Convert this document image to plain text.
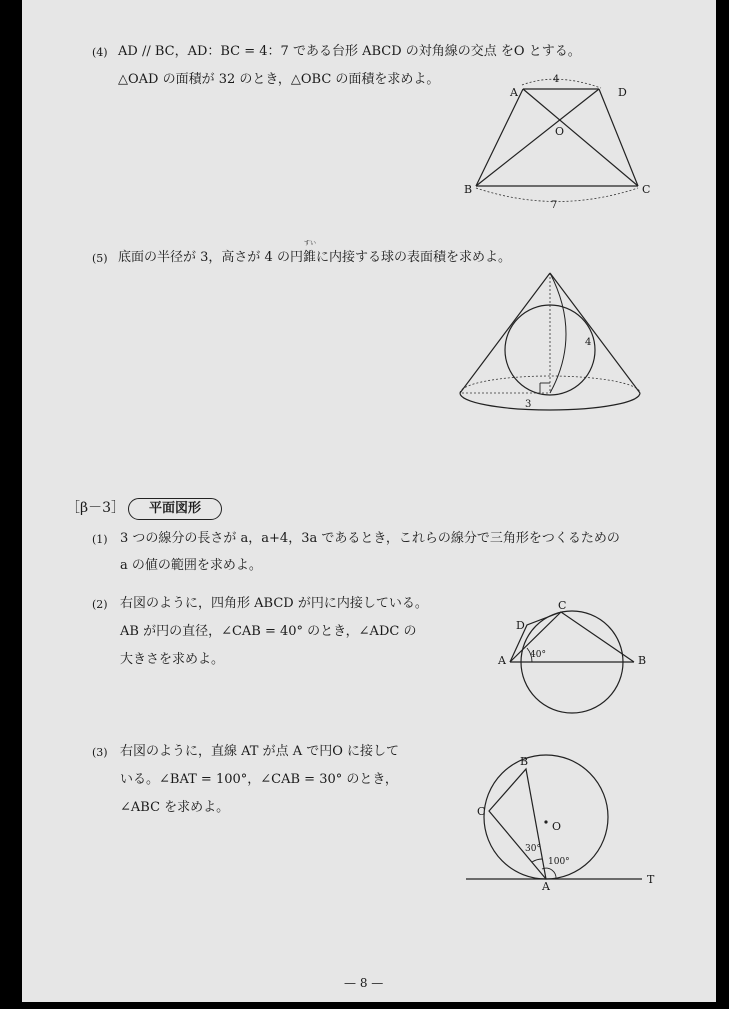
(4) AD // BC，AD：BC = 4：7 である台形 ABCD の対角線の交点 をO とする。
△OAD の面積が 32 のとき，△OBC の面積を求めよ。
A	D
B	C
O
4
7
(5) 底面の半径が 3，高さが 4 の円
すい
錐に内接する球の表面積を求めよ。
4
3
［β－3］	平面図形
(1) 3 つの線分の長さが a，a+4，3a であるとき，これらの線分で三角形をつくるための
a の値の範囲を求めよ。
(2) 右図のように，四角形 ABCD が円に内接している。
AB が円の直径，∠CAB = 40° のとき，∠ADC の
大きさを求めよ。	A	B
C
D
40°
(3) 右図のように，直線 AT が点 A で円O に接して
いる。∠BAT = 100°，∠CAB = 30° のとき，
∠ABC を求めよ。
A
B
C
O
T
30°
100°
— 8 —
